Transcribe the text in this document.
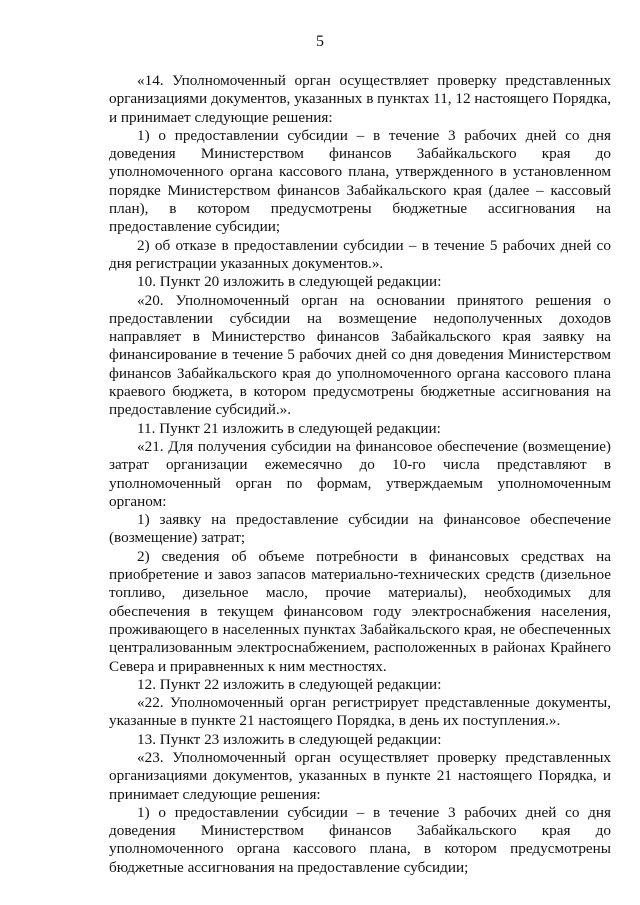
5

«14. Уполномоченный орган осуществляет проверку представленных организациями документов, указанных в пунктах 11, 12 настоящего Порядка, и принимает следующие решения:

1) о предоставлении субсидии – в течение 3 рабочих дней со дня доведения Министерством финансов Забайкальского края до уполномоченного органа кассового плана, утвержденного в установленном порядке Министерством финансов Забайкальского края (далее – кассовый план), в котором предусмотрены бюджетные ассигнования на предоставление субсидии;

2) об отказе в предоставлении субсидии – в течение 5 рабочих дней со дня регистрации указанных документов.».

10. Пункт 20 изложить в следующей редакции:

«20. Уполномоченный орган на основании принятого решения о предоставлении субсидии на возмещение недополученных доходов направляет в Министерство финансов Забайкальского края заявку на финансирование в течение 5 рабочих дней со дня доведения Министерством финансов Забайкальского края до уполномоченного органа кассового плана краевого бюджета, в котором предусмотрены бюджетные ассигнования на предоставление субсидий.».

11. Пункт 21 изложить в следующей редакции:

«21. Для получения субсидии на финансовое обеспечение (возмещение) затрат организации ежемесячно до 10-го числа представляют в уполномоченный орган по формам, утверждаемым уполномоченным органом:

1) заявку на предоставление субсидии на финансовое обеспечение (возмещение) затрат;

2) сведения об объеме потребности в финансовых средствах на приобретение и завоз запасов материально-технических средств (дизельное топливо, дизельное масло, прочие материалы), необходимых для обеспечения в текущем финансовом году электроснабжения населения, проживающего в населенных пунктах Забайкальского края, не обеспеченных централизованным электроснабжением, расположенных в районах Крайнего Севера и приравненных к ним местностях.

12. Пункт 22 изложить в следующей редакции:

«22. Уполномоченный орган регистрирует представленные документы, указанные в пункте 21 настоящего Порядка, в день их поступления.».

13. Пункт 23 изложить в следующей редакции:

«23. Уполномоченный орган осуществляет проверку представленных организациями документов, указанных в пункте 21 настоящего Порядка, и принимает следующие решения:

1) о предоставлении субсидии – в течение 3 рабочих дней со дня доведения Министерством финансов Забайкальского края до уполномоченного органа кассового плана, в котором предусмотрены бюджетные ассигнования на предоставление субсидии;
